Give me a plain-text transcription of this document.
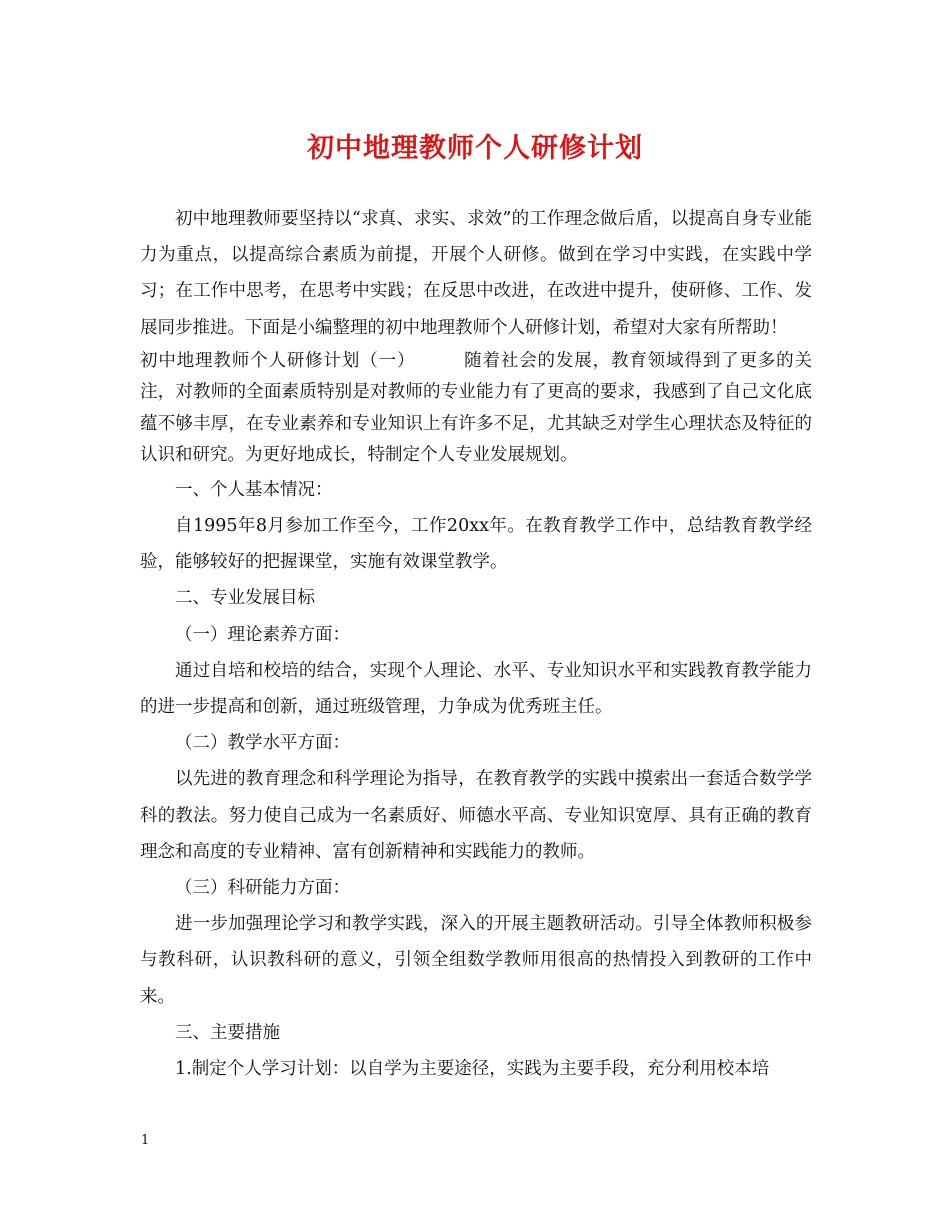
初中地理教师个人研修计划

初中地理教师要坚持以“求真、求实、求效”的工作理念做后盾，以提高自身专业能力为重点，以提高综合素质为前提，开展个人研修。做到在学习中实践，在实践中学习；在工作中思考，在思考中实践；在反思中改进，在改进中提升，使研修、工作、发展同步推进。下面是小编整理的初中地理教师个人研修计划，希望对大家有所帮助！

初中地理教师个人研修计划（一）	随着社会的发展，教育领域得到了更多的关注，对教师的全面素质特别是对教师的专业能力有了更高的要求，我感到了自己文化底蕴不够丰厚，在专业素养和专业知识上有许多不足，尤其缺乏对学生心理状态及特征的认识和研究。为更好地成长，特制定个人专业发展规划。

一、个人基本情况：

自1995年8月参加工作至今，工作20xx年。在教育教学工作中，总结教育教学经验，能够较好的把握课堂，实施有效课堂教学。

二、专业发展目标

（一）理论素养方面：

通过自培和校培的结合，实现个人理论、水平、专业知识水平和实践教育教学能力的进一步提高和创新，通过班级管理，力争成为优秀班主任。

（二）教学水平方面：

以先进的教育理念和科学理论为指导，在教育教学的实践中摸索出一套适合数学学科的教法。努力使自己成为一名素质好、师德水平高、专业知识宽厚、具有正确的教育理念和高度的专业精神、富有创新精神和实践能力的教师。

（三）科研能力方面：

进一步加强理论学习和教学实践，深入的开展主题教研活动。引导全体教师积极参与教科研，认识教科研的意义，引领全组数学教师用很高的热情投入到教研的工作中来。

三、主要措施

1.制定个人学习计划：以自学为主要途径，实践为主要手段，充分利用校本培

1
